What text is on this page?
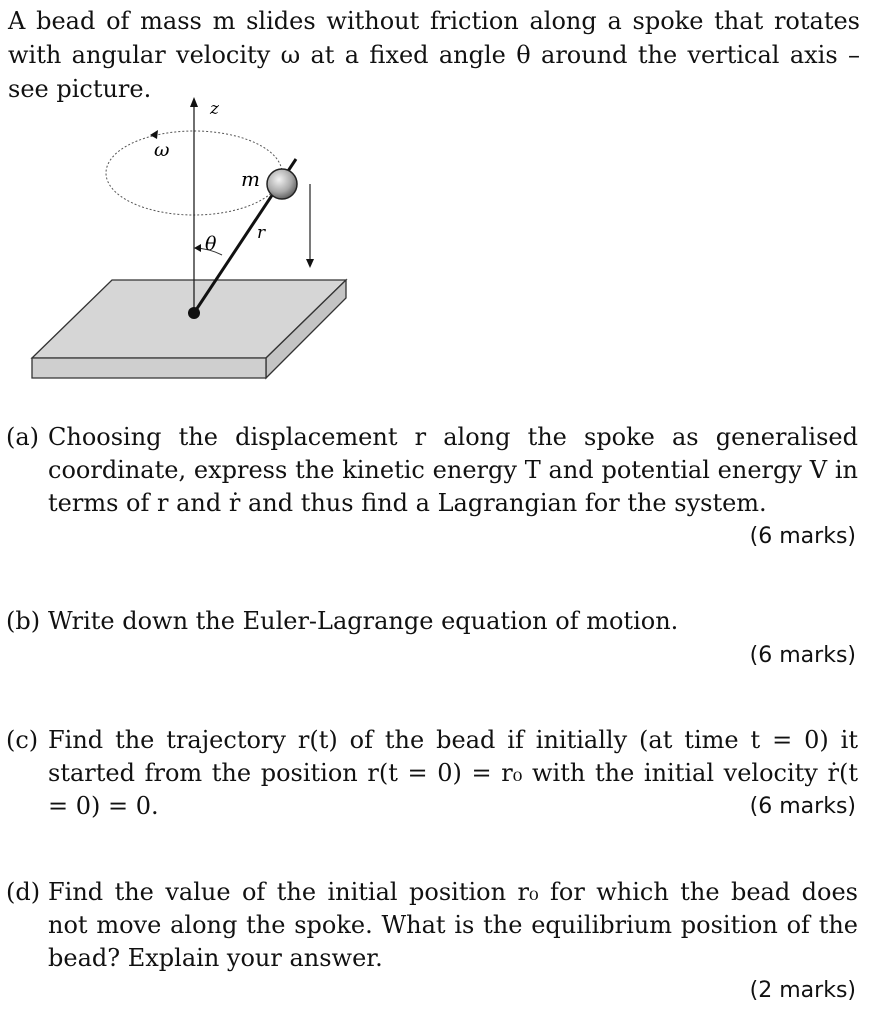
A bead of mass m slides without friction along a spoke that rotates with angular velocity ω at a fixed angle θ around the vertical axis – see picture.
z
ω
m
r
θ
(a) Choosing the displacement r along the spoke as generalised coordinate, express the kinetic energy T and potential energy V in terms of r and ṙ and thus find a Lagrangian for the system.
(6 marks)
(b) Write down the Euler-Lagrange equation of motion.
(6 marks)
(c) Find the trajectory r(t) of the bead if initially (at time t = 0) it started from the position r(t = 0) = r₀ with the initial velocity ṙ(t = 0) = 0.	(6 marks)
(d) Find the value of the initial position r₀ for which the bead does not move along the spoke. What is the equilibrium position of the bead? Explain your answer.
(2 marks)
